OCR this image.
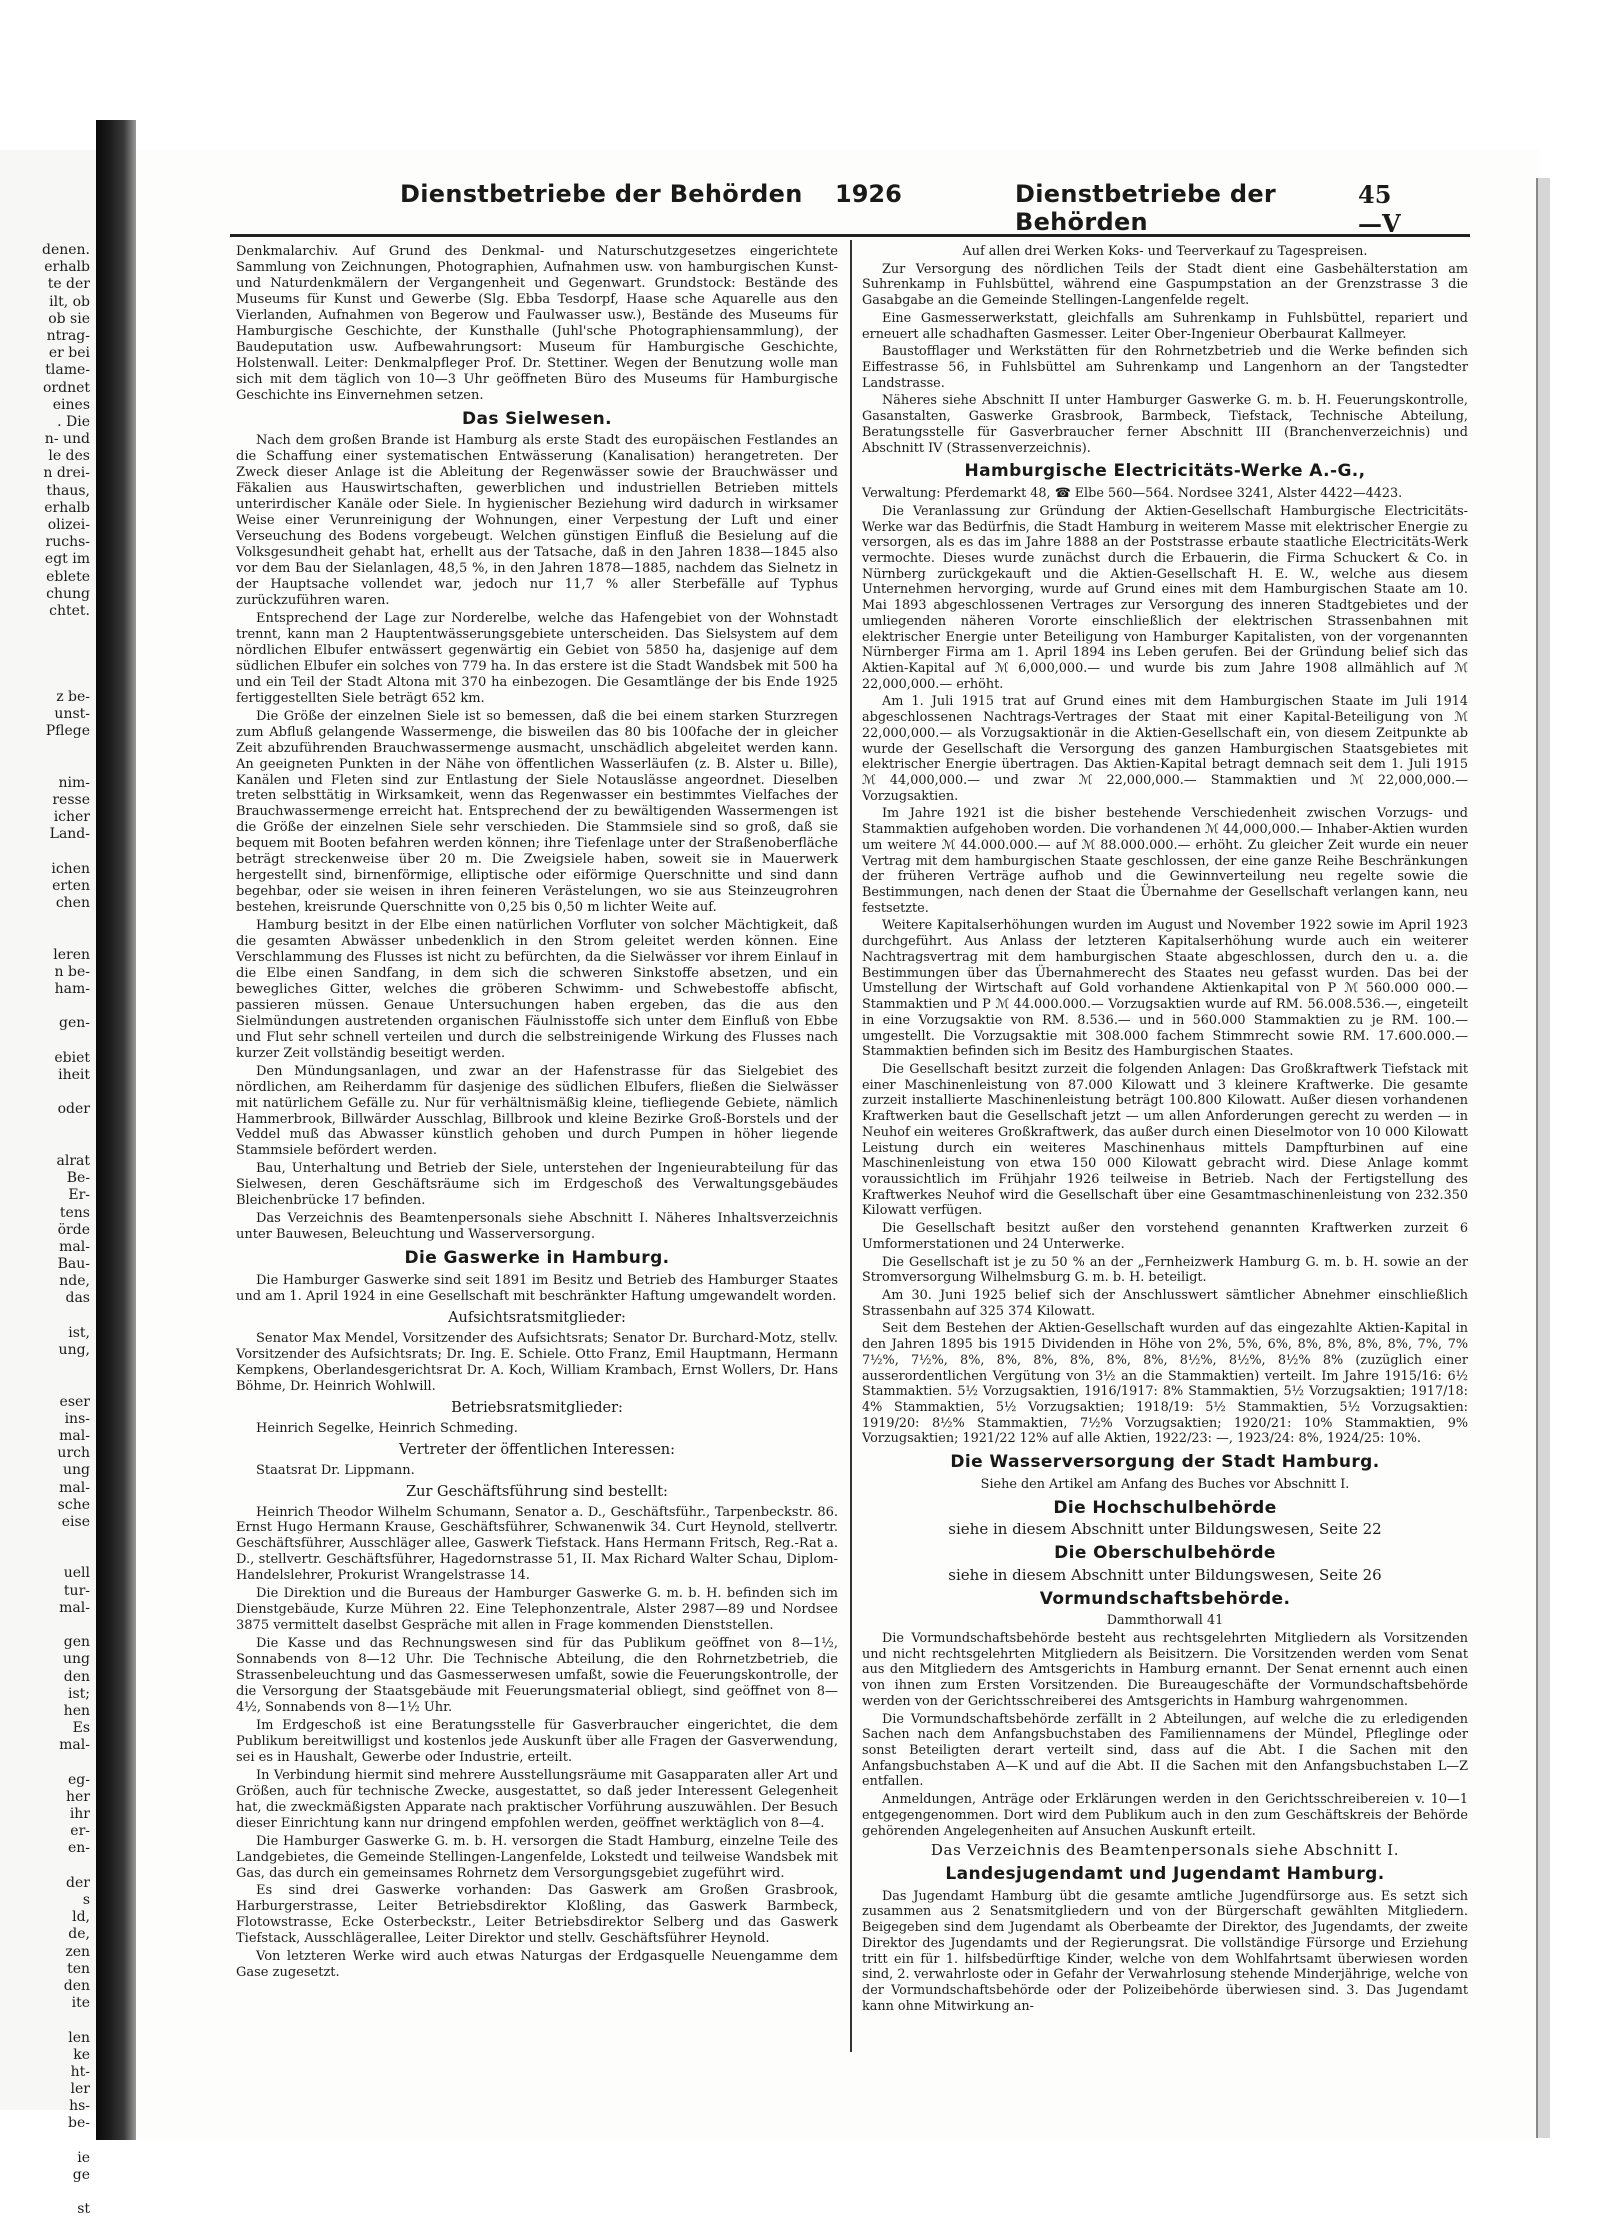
denen.
erhalb
te der
ilt, ob
ob sie
ntrag-
er bei
tlame-
ordnet
eines
. Die
n- und
le des
n drei-
thaus,
erhalb
olizei-
ruchs-
egt im
eblete
chung
chtet.
z be-
unst-
Pflege
nim-
resse
icher
Land-
ichen
erten
chen
leren
n be-
ham-
gen-
ebiet
iheit
oder
alrat
Be-
Er-
tens
örde
mal-
Bau-
nde,
das
ist,
ung,
eser
ins-
mal-
urch
ung
mal-
sche
eise
uell
tur-
mal-
gen
ung
den
ist;
hen
Es
mal-
eg-
her
ihr
er-
en-
der
s
ld,
de,
zen
ten
den
ite
len
ke
ht-
ler
hs-
be-
ie
ge
st
Dienstbetriebe der Behörden 1926	Dienstbetriebe der Behörden
45—V

Denkmalarchiv. Auf Grund des Denkmal- und Naturschutzgesetzes eingerichtete Sammlung von Zeichnungen, Photographien, Aufnahmen usw. von hamburgischen Kunst- und Naturdenkmälern der Vergangenheit und Gegenwart. Grundstock: Bestände des Museums für Kunst und Gewerbe (Slg. Ebba Tesdorpf, Haase sche Aquarelle aus den Vierlanden, Aufnahmen von Begerow und Faulwasser usw.), Bestände des Museums für Hamburgische Geschichte, der Kunsthalle (Juhl'sche Photographiensammlung), der Baudeputation usw. Aufbewahrungsort: Museum für Hamburgische Geschichte, Holstenwall. Leiter: Denkmalpfleger Prof. Dr. Stettiner. Wegen der Benutzung wolle man sich mit dem täglich von 10—3 Uhr geöffneten Büro des Museums für Hamburgische Geschichte ins Einvernehmen setzen.

Das Sielwesen.

Nach dem großen Brande ist Hamburg als erste Stadt des europäischen Festlandes an die Schaffung einer systematischen Entwässerung (Kanalisation) herangetreten. Der Zweck dieser Anlage ist die Ableitung der Regenwässer sowie der Brauchwässer und Fäkalien aus Hauswirtschaften, gewerblichen und industriellen Betrieben mittels unterirdischer Kanäle oder Siele. In hygienischer Beziehung wird dadurch in wirksamer Weise einer Verunreinigung der Wohnungen, einer Verpestung der Luft und einer Verseuchung des Bodens vorgebeugt. Welchen günstigen Einfluß die Besielung auf die Volksgesundheit gehabt hat, erhellt aus der Tatsache, daß in den Jahren 1838—1845 also vor dem Bau der Sielanlagen, 48,5 %, in den Jahren 1878—1885, nachdem das Sielnetz in der Hauptsache vollendet war, jedoch nur 11,7 % aller Sterbefälle auf Typhus zurückzuführen waren.

Entsprechend der Lage zur Norderelbe, welche das Hafengebiet von der Wohnstadt trennt, kann man 2 Hauptentwässerungsgebiete unterscheiden. Das Sielsystem auf dem nördlichen Elbufer entwässert gegenwärtig ein Gebiet von 5850 ha, dasjenige auf dem südlichen Elbufer ein solches von 779 ha. In das erstere ist die Stadt Wandsbek mit 500 ha und ein Teil der Stadt Altona mit 370 ha einbezogen. Die Gesamtlänge der bis Ende 1925 fertiggestellten Siele beträgt 652 km.

Die Größe der einzelnen Siele ist so bemessen, daß die bei einem starken Sturzregen zum Abfluß gelangende Wassermenge, die bisweilen das 80 bis 100fache der in gleicher Zeit abzuführenden Brauchwassermenge ausmacht, unschädlich abgeleitet werden kann. An geeigneten Punkten in der Nähe von öffentlichen Wasserläufen (z. B. Alster u. Bille), Kanälen und Fleten sind zur Entlastung der Siele Notauslässe angeordnet. Dieselben treten selbsttätig in Wirksamkeit, wenn das Regenwasser ein bestimmtes Vielfaches der Brauchwassermenge erreicht hat. Entsprechend der zu bewältigenden Wassermengen ist die Größe der einzelnen Siele sehr verschieden. Die Stammsiele sind so groß, daß sie bequem mit Booten befahren werden können; ihre Tiefenlage unter der Straßenoberfläche beträgt streckenweise über 20 m. Die Zweigsiele haben, soweit sie in Mauerwerk hergestellt sind, birnenförmige, elliptische oder eiförmige Querschnitte und sind dann begehbar, oder sie weisen in ihren feineren Verästelungen, wo sie aus Steinzeugrohren bestehen, kreisrunde Querschnitte von 0,25 bis 0,50 m lichter Weite auf.

Hamburg besitzt in der Elbe einen natürlichen Vorfluter von solcher Mächtigkeit, daß die gesamten Abwässer unbedenklich in den Strom geleitet werden können. Eine Verschlammung des Flusses ist nicht zu befürchten, da die Sielwässer vor ihrem Einlauf in die Elbe einen Sandfang, in dem sich die schweren Sinkstoffe absetzen, und ein bewegliches Gitter, welches die gröberen Schwimm- und Schwebestoffe abfischt, passieren müssen. Genaue Untersuchungen haben ergeben, das die aus den Sielmündungen austretenden organischen Fäulnisstoffe sich unter dem Einfluß von Ebbe und Flut sehr schnell verteilen und durch die selbstreinigende Wirkung des Flusses nach kurzer Zeit vollständig beseitigt werden.

Den Mündungsanlagen, und zwar an der Hafenstrasse für das Sielgebiet des nördlichen, am Reiherdamm für dasjenige des südlichen Elbufers, fließen die Sielwässer mit natürlichem Gefälle zu. Nur für verhältnismäßig kleine, tiefliegende Gebiete, nämlich Hammerbrook, Billwärder Ausschlag, Billbrook und kleine Bezirke Groß-Borstels und der Veddel muß das Abwasser künstlich gehoben und durch Pumpen in höher liegende Stammsiele befördert werden.

Bau, Unterhaltung und Betrieb der Siele, unterstehen der Ingenieurabteilung für das Sielwesen, deren Geschäftsräume sich im Erdgeschoß des Verwaltungsgebäudes Bleichenbrücke 17 befinden.

Das Verzeichnis des Beamtenpersonals siehe Abschnitt I. Näheres Inhaltsverzeichnis unter Bauwesen, Beleuchtung und Wasserversorgung.

Die Gaswerke in Hamburg.

Die Hamburger Gaswerke sind seit 1891 im Besitz und Betrieb des Hamburger Staates und am 1. April 1924 in eine Gesellschaft mit beschränkter Haftung umgewandelt worden.

Aufsichtsratsmitglieder:

Senator Max Mendel, Vorsitzender des Aufsichtsrats; Senator Dr. Burchard-Motz, stellv. Vorsitzender des Aufsichtsrats; Dr. Ing. E. Schiele. Otto Franz, Emil Hauptmann, Hermann Kempkens, Oberlandesgerichtsrat Dr. A. Koch, William Krambach, Ernst Wollers, Dr. Hans Böhme, Dr. Heinrich Wohlwill.

Betriebsratsmitglieder:

Heinrich Segelke, Heinrich Schmeding.

Vertreter der öffentlichen Interessen:

Staatsrat Dr. Lippmann.

Zur Geschäftsführung sind bestellt:

Heinrich Theodor Wilhelm Schumann, Senator a. D., Geschäftsführ., Tarpenbeckstr. 86. Ernst Hugo Hermann Krause, Geschäftsführer, Schwanenwik 34. Curt Heynold, stellvertr. Geschäftsführer, Ausschläger allee, Gaswerk Tiefstack. Hans Hermann Fritsch, Reg.-Rat a. D., stellvertr. Geschäftsführer, Hagedornstrasse 51, II. Max Richard Walter Schau, Diplom-Handelslehrer, Prokurist Wrangelstrasse 14.

Die Direktion und die Bureaus der Hamburger Gaswerke G. m. b. H. befinden sich im Dienstgebäude, Kurze Mühren 22. Eine Telephonzentrale, Alster 2987—89 und Nordsee 3875 vermittelt daselbst Gespräche mit allen in Frage kommenden Dienststellen.

Die Kasse und das Rechnungswesen sind für das Publikum geöffnet von 8—1½, Sonnabends von 8—12 Uhr. Die Technische Abteilung, die den Rohrnetzbetrieb, die Strassenbeleuchtung und das Gasmesserwesen umfaßt, sowie die Feuerungskontrolle, der die Versorgung der Staatsgebäude mit Feuerungsmaterial obliegt, sind geöffnet von 8—4½, Sonnabends von 8—1½ Uhr.

Im Erdgeschoß ist eine Beratungsstelle für Gasverbraucher eingerichtet, die dem Publikum bereitwilligst und kostenlos jede Auskunft über alle Fragen der Gasverwendung, sei es in Haushalt, Gewerbe oder Industrie, erteilt.

In Verbindung hiermit sind mehrere Ausstellungsräume mit Gasapparaten aller Art und Größen, auch für technische Zwecke, ausgestattet, so daß jeder Interessent Gelegenheit hat, die zweckmäßigsten Apparate nach praktischer Vorführung auszuwählen. Der Besuch dieser Einrichtung kann nur dringend empfohlen werden, geöffnet werktäglich von 8—4.

Die Hamburger Gaswerke G. m. b. H. versorgen die Stadt Hamburg, einzelne Teile des Landgebietes, die Gemeinde Stellingen-Langenfelde, Lokstedt und teilweise Wandsbek mit Gas, das durch ein gemeinsames Rohrnetz dem Versorgungsgebiet zugeführt wird.

Es sind drei Gaswerke vorhanden: Das Gaswerk am Großen Grasbrook, Harburgerstrasse, Leiter Betriebsdirektor Kloßling, das Gaswerk Barmbeck, Flotowstrasse, Ecke Osterbeckstr., Leiter Betriebsdirektor Selberg und das Gaswerk Tiefstack, Ausschlägerallee, Leiter Direktor und stellv. Geschäftsführer Heynold.

Von letzteren Werke wird auch etwas Naturgas der Erdgasquelle Neuengamme dem Gase zugesetzt.

Auf allen drei Werken Koks- und Teerverkauf zu Tagespreisen.

Zur Versorgung des nördlichen Teils der Stadt dient eine Gasbehälterstation am Suhrenkamp in Fuhlsbüttel, während eine Gaspumpstation an der Grenzstrasse 3 die Gasabgabe an die Gemeinde Stellingen-Langenfelde regelt.

Eine Gasmesserwerkstatt, gleichfalls am Suhrenkamp in Fuhlsbüttel, repariert und erneuert alle schadhaften Gasmesser. Leiter Ober-Ingenieur Oberbaurat Kallmeyer.

Baustofflager und Werkstätten für den Rohrnetzbetrieb und die Werke befinden sich Eiffestrasse 56, in Fuhlsbüttel am Suhrenkamp und Langenhorn an der Tangstedter Landstrasse.

Näheres siehe Abschnitt II unter Hamburger Gaswerke G. m. b. H. Feuerungskontrolle, Gasanstalten, Gaswerke Grasbrook, Barmbeck, Tiefstack, Technische Abteilung, Beratungsstelle für Gasverbraucher ferner Abschnitt III (Branchenverzeichnis) und Abschnitt IV (Strassenverzeichnis).

Hamburgische Electricitäts-Werke A.-G.,

Verwaltung: Pferdemarkt 48, ☎ Elbe 560—564. Nordsee 3241, Alster 4422—4423.

Die Veranlassung zur Gründung der Aktien-Gesellschaft Hamburgische Electricitäts-Werke war das Bedürfnis, die Stadt Hamburg in weiterem Masse mit elektrischer Energie zu versorgen, als es das im Jahre 1888 an der Poststrasse erbaute staatliche Electricitäts-Werk vermochte. Dieses wurde zunächst durch die Erbauerin, die Firma Schuckert & Co. in Nürnberg zurückgekauft und die Aktien-Gesellschaft H. E. W., welche aus diesem Unternehmen hervorging, wurde auf Grund eines mit dem Hamburgischen Staate am 10. Mai 1893 abgeschlossenen Vertrages zur Versorgung des inneren Stadtgebietes und der umliegenden näheren Vororte einschließlich der elektrischen Strassenbahnen mit elektrischer Energie unter Beteiligung von Hamburger Kapitalisten, von der vorgenannten Nürnberger Firma am 1. April 1894 ins Leben gerufen. Bei der Gründung belief sich das Aktien-Kapital auf ℳ 6,000,000.— und wurde bis zum Jahre 1908 allmählich auf ℳ 22,000,000.— erhöht.

Am 1. Juli 1915 trat auf Grund eines mit dem Hamburgischen Staate im Juli 1914 abgeschlossenen Nachtrags-Vertrages der Staat mit einer Kapital-Beteiligung von ℳ 22,000,000.— als Vorzugsaktionär in die Aktien-Gesellschaft ein, von diesem Zeitpunkte ab wurde der Gesellschaft die Versorgung des ganzen Hamburgischen Staatsgebietes mit elektrischer Energie übertragen. Das Aktien-Kapital betragt demnach seit dem 1. Juli 1915 ℳ 44,000,000.— und zwar ℳ 22,000,000.— Stammaktien und ℳ 22,000,000.— Vorzugsaktien.

Im Jahre 1921 ist die bisher bestehende Verschiedenheit zwischen Vorzugs- und Stammaktien aufgehoben worden. Die vorhandenen ℳ 44,000,000.— Inhaber-Aktien wurden um weitere ℳ 44.000.000.— auf ℳ 88.000.000.— erhöht. Zu gleicher Zeit wurde ein neuer Vertrag mit dem hamburgischen Staate geschlossen, der eine ganze Reihe Beschränkungen der früheren Verträge aufhob und die Gewinnverteilung neu regelte sowie die Bestimmungen, nach denen der Staat die Übernahme der Gesellschaft verlangen kann, neu festsetzte.

Weitere Kapitalserhöhungen wurden im August und November 1922 sowie im April 1923 durchgeführt. Aus Anlass der letzteren Kapitalserhöhung wurde auch ein weiterer Nachtragsvertrag mit dem hamburgischen Staate abgeschlossen, durch den u. a. die Bestimmungen über das Übernahmerecht des Staates neu gefasst wurden. Das bei der Umstellung der Wirtschaft auf Gold vorhandene Aktienkapital von P ℳ 560.000 000.— Stammaktien und P ℳ 44.000.000.— Vorzugsaktien wurde auf RM. 56.008.536.—, eingeteilt in eine Vorzugsaktie von RM. 8.536.— und in 560.000 Stammaktien zu je RM. 100.— umgestellt. Die Vorzugsaktie mit 308.000 fachem Stimmrecht sowie RM. 17.600.000.— Stammaktien befinden sich im Besitz des Hamburgischen Staates.

Die Gesellschaft besitzt zurzeit die folgenden Anlagen: Das Großkraftwerk Tiefstack mit einer Maschinenleistung von 87.000 Kilowatt und 3 kleinere Kraftwerke. Die gesamte zurzeit installierte Maschinenleistung beträgt 100.800 Kilowatt. Außer diesen vorhandenen Kraftwerken baut die Gesellschaft jetzt — um allen Anforderungen gerecht zu werden — in Neuhof ein weiteres Großkraftwerk, das außer durch einen Dieselmotor von 10 000 Kilowatt Leistung durch ein weiteres Maschinenhaus mittels Dampfturbinen auf eine Maschinenleistung von etwa 150 000 Kilowatt gebracht wird. Diese Anlage kommt voraussichtlich im Frühjahr 1926 teilweise in Betrieb. Nach der Fertigstellung des Kraftwerkes Neuhof wird die Gesellschaft über eine Gesamtmaschinenleistung von 232.350 Kilowatt verfügen.

Die Gesellschaft besitzt außer den vorstehend genannten Kraftwerken zurzeit 6 Umformerstationen und 24 Unterwerke.

Die Gesellschaft ist je zu 50 % an der „Fernheizwerk Hamburg G. m. b. H. sowie an der Stromversorgung Wilhelmsburg G. m. b. H. beteiligt.

Am 30. Juni 1925 belief sich der Anschlusswert sämtlicher Abnehmer einschließlich Strassenbahn auf 325 374 Kilowatt.

Seit dem Bestehen der Aktien-Gesellschaft wurden auf das eingezahlte Aktien-Kapital in den Jahren 1895 bis 1915 Dividenden in Höhe von 2%, 5%, 6%, 8%, 8%, 8%, 8%, 7%, 7% 7½%, 7½%, 8%, 8%, 8%, 8%, 8%, 8%, 8½%, 8½%, 8½% 8% (zuzüglich einer ausserordentlichen Vergütung von 3½ an die Stammaktien) verteilt. Im Jahre 1915/16: 6½ Stammaktien. 5½ Vorzugsaktien, 1916/1917: 8% Stammaktien, 5½ Vorzugsaktien; 1917/18: 4% Stammaktien, 5½ Vorzugsaktien; 1918/19: 5½ Stammaktien, 5½ Vorzugsaktien: 1919/20: 8½% Stammaktien, 7½% Vorzugsaktien; 1920/21: 10% Stammaktien, 9% Vorzugsaktien; 1921/22 12% auf alle Aktien, 1922/23: —, 1923/24: 8%, 1924/25: 10%.

Die Wasserversorgung der Stadt Hamburg.

Siehe den Artikel am Anfang des Buches vor Abschnitt I.

Die Hochschulbehörde

siehe in diesem Abschnitt unter Bildungswesen, Seite 22

Die Oberschulbehörde

siehe in diesem Abschnitt unter Bildungswesen, Seite 26

Vormundschaftsbehörde.

Dammthorwall 41

Die Vormundschaftsbehörde besteht aus rechtsgelehrten Mitgliedern als Vorsitzenden und nicht rechtsgelehrten Mitgliedern als Beisitzern. Die Vorsitzenden werden vom Senat aus den Mitgliedern des Amtsgerichts in Hamburg ernannt. Der Senat ernennt auch einen von ihnen zum Ersten Vorsitzenden. Die Bureaugeschäfte der Vormundschaftsbehörde werden von der Gerichtsschreiberei des Amtsgerichts in Hamburg wahrgenommen.

Die Vormundschaftsbehörde zerfällt in 2 Abteilungen, auf welche die zu erledigenden Sachen nach dem Anfangsbuchstaben des Familiennamens der Mündel, Pfleglinge oder sonst Beteiligten derart verteilt sind, dass auf die Abt. I die Sachen mit den Anfangsbuchstaben A—K und auf die Abt. II die Sachen mit den Anfangsbuchstaben L—Z entfallen.

Anmeldungen, Anträge oder Erklärungen werden in den Gerichtsschreibereien v. 10—1 entgegengenommen. Dort wird dem Publikum auch in den zum Geschäftskreis der Behörde gehörenden Angelegenheiten auf Ansuchen Auskunft erteilt.

Das Verzeichnis des Beamtenpersonals siehe Abschnitt I.

Landesjugendamt und Jugendamt Hamburg.

Das Jugendamt Hamburg übt die gesamte amtliche Jugendfürsorge aus. Es setzt sich zusammen aus 2 Senatsmitgliedern und von der Bürgerschaft gewählten Mitgliedern. Beigegeben sind dem Jugendamt als Oberbeamte der Direktor, des Jugendamts, der zweite Direktor des Jugendamts und der Regierungsrat. Die vollständige Fürsorge und Erziehung tritt ein für 1. hilfsbedürftige Kinder, welche von dem Wohlfahrtsamt überwiesen worden sind, 2. verwahrloste oder in Gefahr der Verwahrlosung stehende Minderjährige, welche von der Vormundschaftsbehörde oder der Polizeibehörde überwiesen sind. 3. Das Jugendamt kann ohne Mitwirkung an-
